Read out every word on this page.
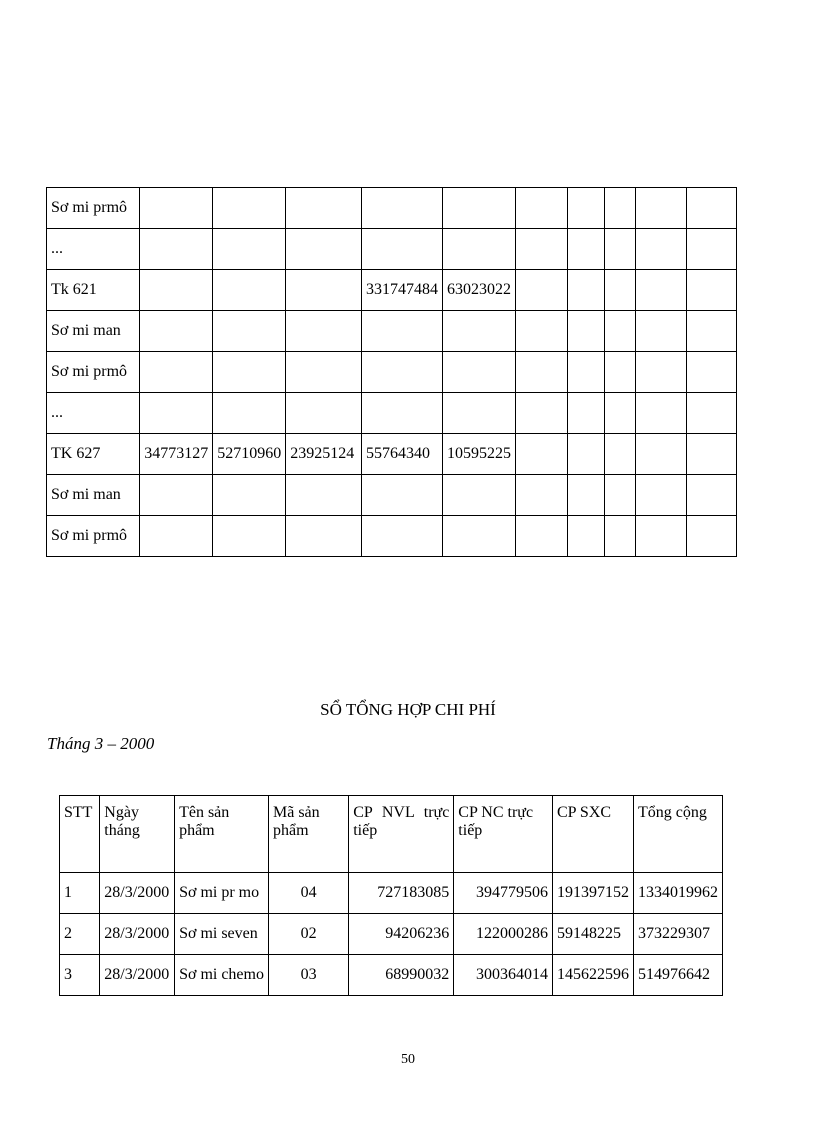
Sơ mi prmô										
...										
Tk 621				331747484	63023022					
Sơ mi man										
Sơ mi prmô										
...										
TK 627	34773127	52710960	23925124	55764340	10595225					
Sơ mi man										
Sơ mi prmô										
SỔ TỔNG HỢP CHI PHÍ
Tháng 3 – 2000
STT	Ngày tháng	Tên sản phẩm	Mã sản phẩm	CP NVL trực tiếp	CP NC trực tiếp	CP SXC	Tổng cộng
1	28/3/2000	Sơ mi pr mo	04	727183085	394779506	191397152	1334019962
2	28/3/2000	Sơ mi seven	02	94206236	122000286	59148225	373229307
3	28/3/2000	Sơ mi chemo	03	68990032	300364014	145622596	514976642
50
